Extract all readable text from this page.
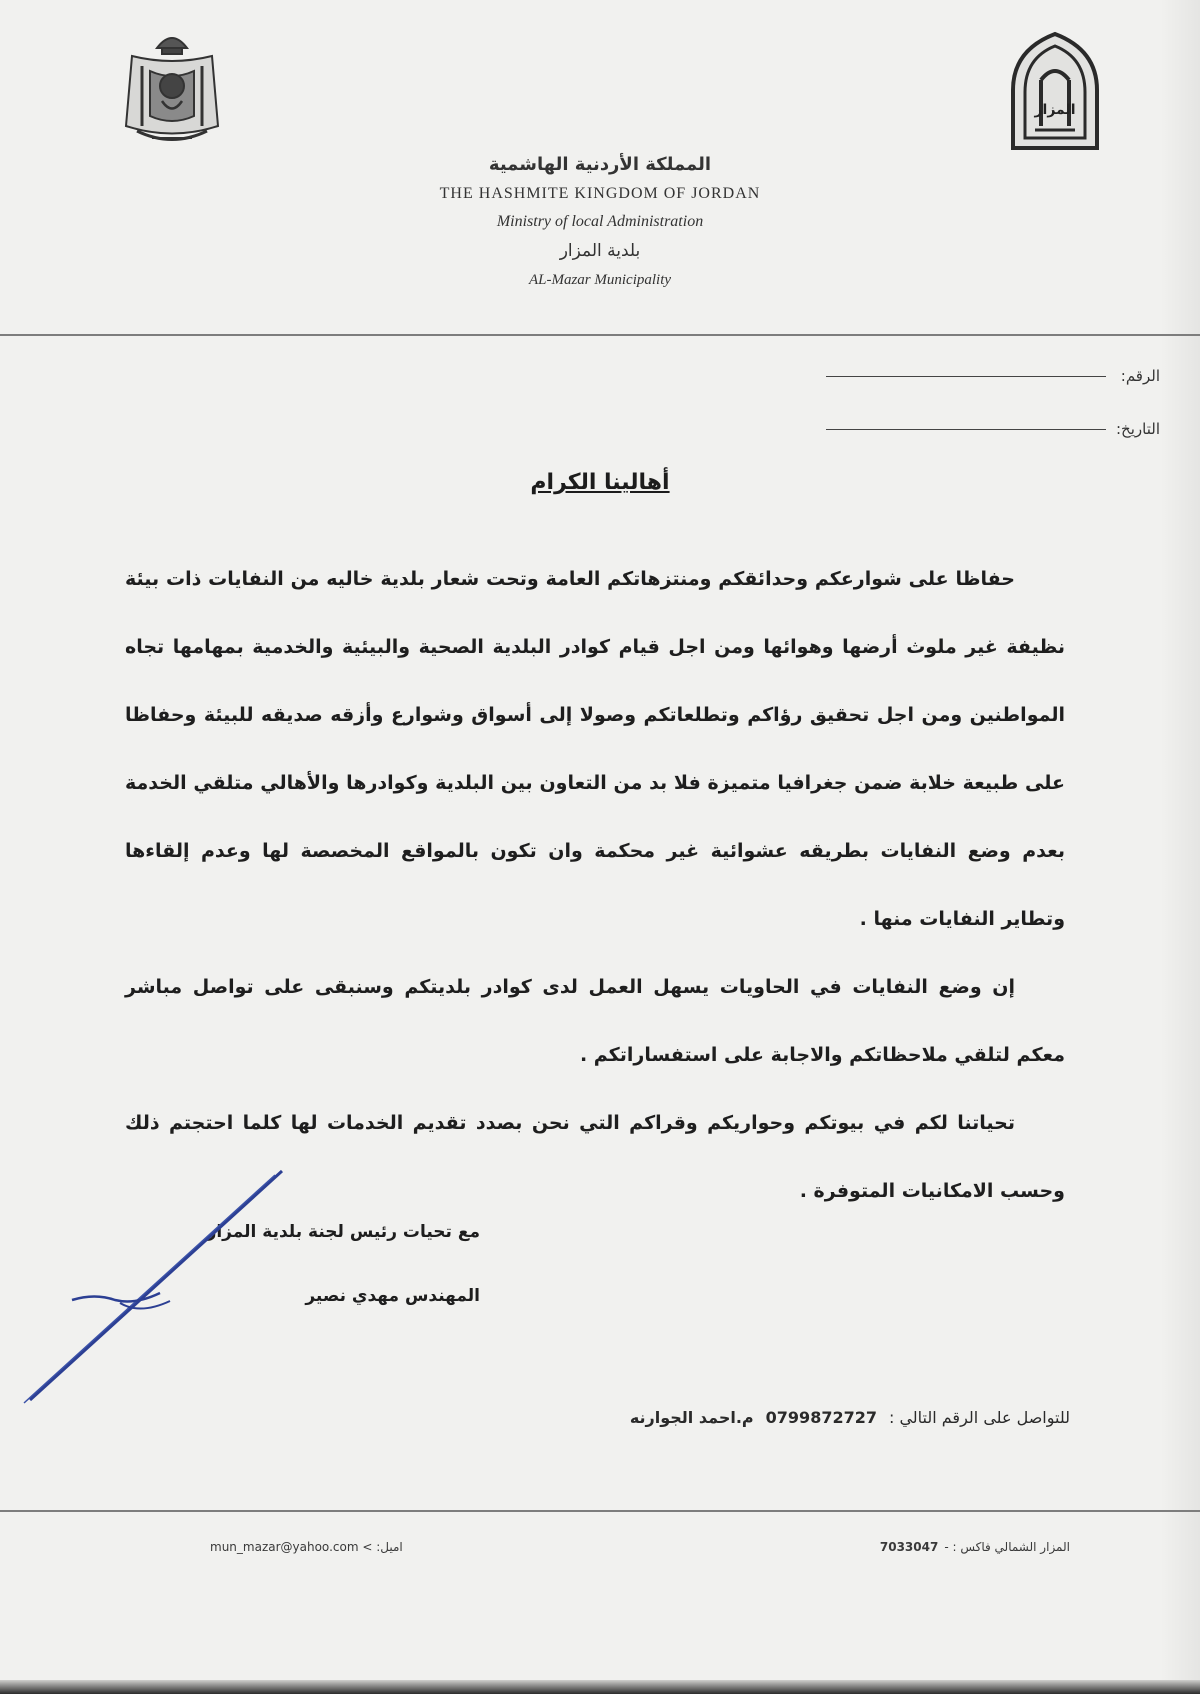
المزار
المملكة الأردنية الهاشمية
THE HASHMITE KINGDOM OF JORDAN
Ministry of local Administration
بلدية المزار
AL-Mazar Municipality
الرقم:
التاريخ:
أهالينا الكرام

حفاظا على شوارعكم وحدائقكم ومنتزهاتكم العامة وتحت شعار بلدية خاليه من النفايات ذات بيئة نظيفة غير ملوث أرضها وهوائها ومن اجل قيام كوادر البلدية الصحية والبيئية والخدمية بمهامها تجاه المواطنين ومن اجل تحقيق رؤاكم وتطلعاتكم وصولا إلى أسواق وشوارع وأزقه صديقه للبيئة وحفاظا على طبيعة خلابة ضمن جغرافيا متميزة فلا بد من التعاون بين البلدية وكوادرها والأهالي متلقي الخدمة بعدم وضع النفايات بطريقه عشوائية غير محكمة وان تكون بالمواقع المخصصة لها وعدم إلقاءها وتطاير النفايات منها .

إن وضع النفايات في الحاويات يسهل العمل لدى كوادر بلديتكم وسنبقى على تواصل مباشر معكم لتلقي ملاحظاتكم والاجابة على استفساراتكم .

تحياتنا لكم في بيوتكم وحواريكم وقراكم التي نحن بصدد تقديم الخدمات لها كلما احتجتم ذلك وحسب الامكانيات المتوفرة .

مع تحيات رئيس لجنة بلدية المزار
المهندس مهدي نصير
للتواصل على الرقم التالي :0799872727م.احمد الجوارنه
mun_mazar@yahoo.com < :اميل	المزار الشمالي فاكس : -7033047
